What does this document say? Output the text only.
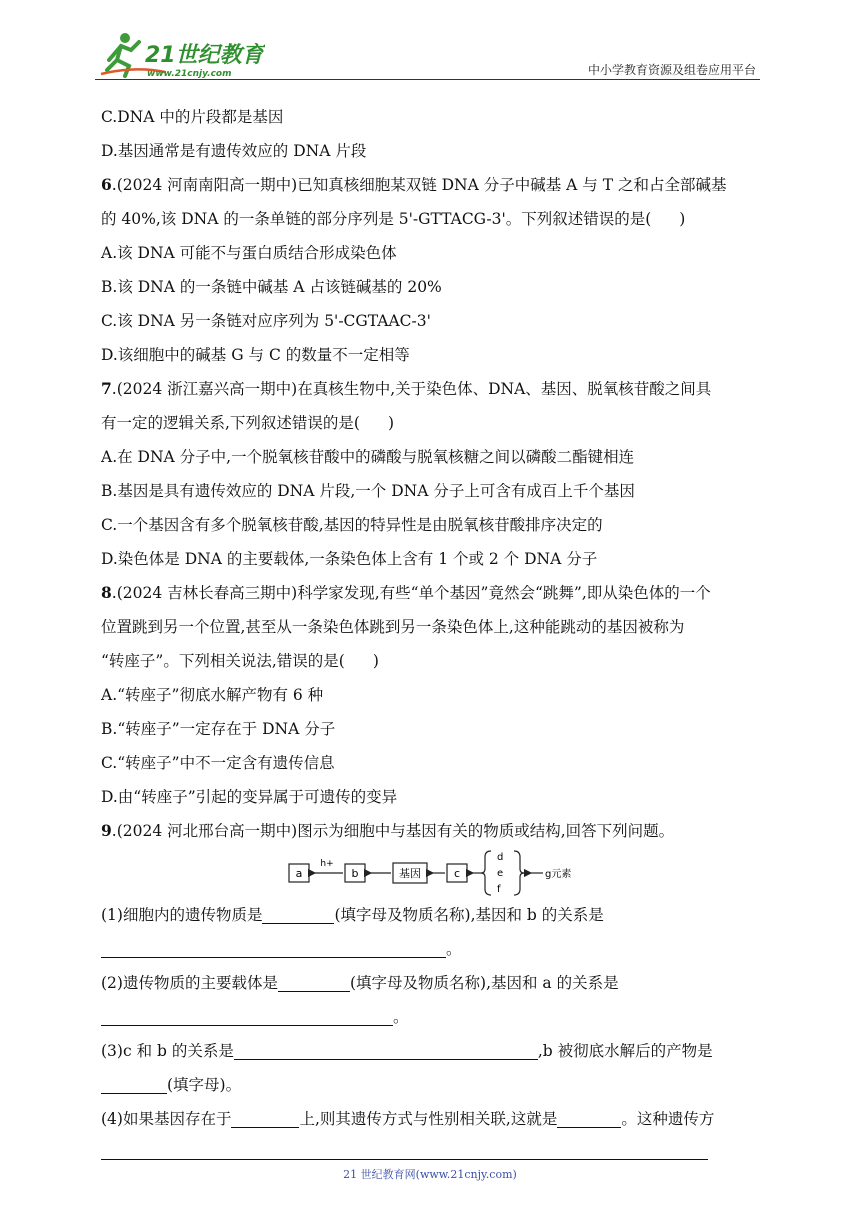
21世纪教育
www.21cnjy.com	中小学教育资源及组卷应用平台
C.DNA 中的片段都是基因
D.基因通常是有遗传效应的 DNA 片段
6.(2024 河南南阳高一期中)已知真核细胞某双链 DNA 分子中碱基 A 与 T 之和占全部碱基
的 40%,该 DNA 的一条单链的部分序列是 5'-GTTACG-3'。下列叙述错误的是( )
A.该 DNA 可能不与蛋白质结合形成染色体
B.该 DNA 的一条链中碱基 A 占该链碱基的 20%
C.该 DNA 另一条链对应序列为 5'-CGTAAC-3'
D.该细胞中的碱基 G 与 C 的数量不一定相等
7.(2024 浙江嘉兴高一期中)在真核生物中,关于染色体、DNA、基因、脱氧核苷酸之间具
有一定的逻辑关系,下列叙述错误的是( )
A.在 DNA 分子中,一个脱氧核苷酸中的磷酸与脱氧核糖之间以磷酸二酯键相连
B.基因是具有遗传效应的 DNA 片段,一个 DNA 分子上可含有成百上千个基因
C.一个基因含有多个脱氧核苷酸,基因的特异性是由脱氧核苷酸排序决定的
D.染色体是 DNA 的主要载体,一条染色体上含有 1 个或 2 个 DNA 分子
8.(2024 吉林长春高三期中)科学家发现,有些“单个基因”竟然会“跳舞”,即从染色体的一个
位置跳到另一个位置,甚至从一条染色体跳到另一条染色体上,这种能跳动的基因被称为
“转座子”。下列相关说法,错误的是( )
A.“转座子”彻底水解产物有 6 种
B.“转座子”一定存在于 DNA 分子
C.“转座子”中不一定含有遗传信息
D.由“转座子”引起的变异属于可遗传的变异
9.(2024 河北邢台高一期中)图示为细胞中与基因有关的物质或结构,回答下列问题。
a
h+
b	基因	c
d
e
f
g元素
(1)细胞内的遗传物质是	(填字母及物质名称),基因和 b 的关系是
。
(2)遗传物质的主要载体是	(填字母及物质名称),基因和 a 的关系是
。
(3)c 和 b 的关系是	,b 被彻底水解后的产物是
(填字母)。
(4)如果基因存在于	上,则其遗传方式与性别相关联,这就是	。这种遗传方
21 世纪教育网(www.21cnjy.com)
